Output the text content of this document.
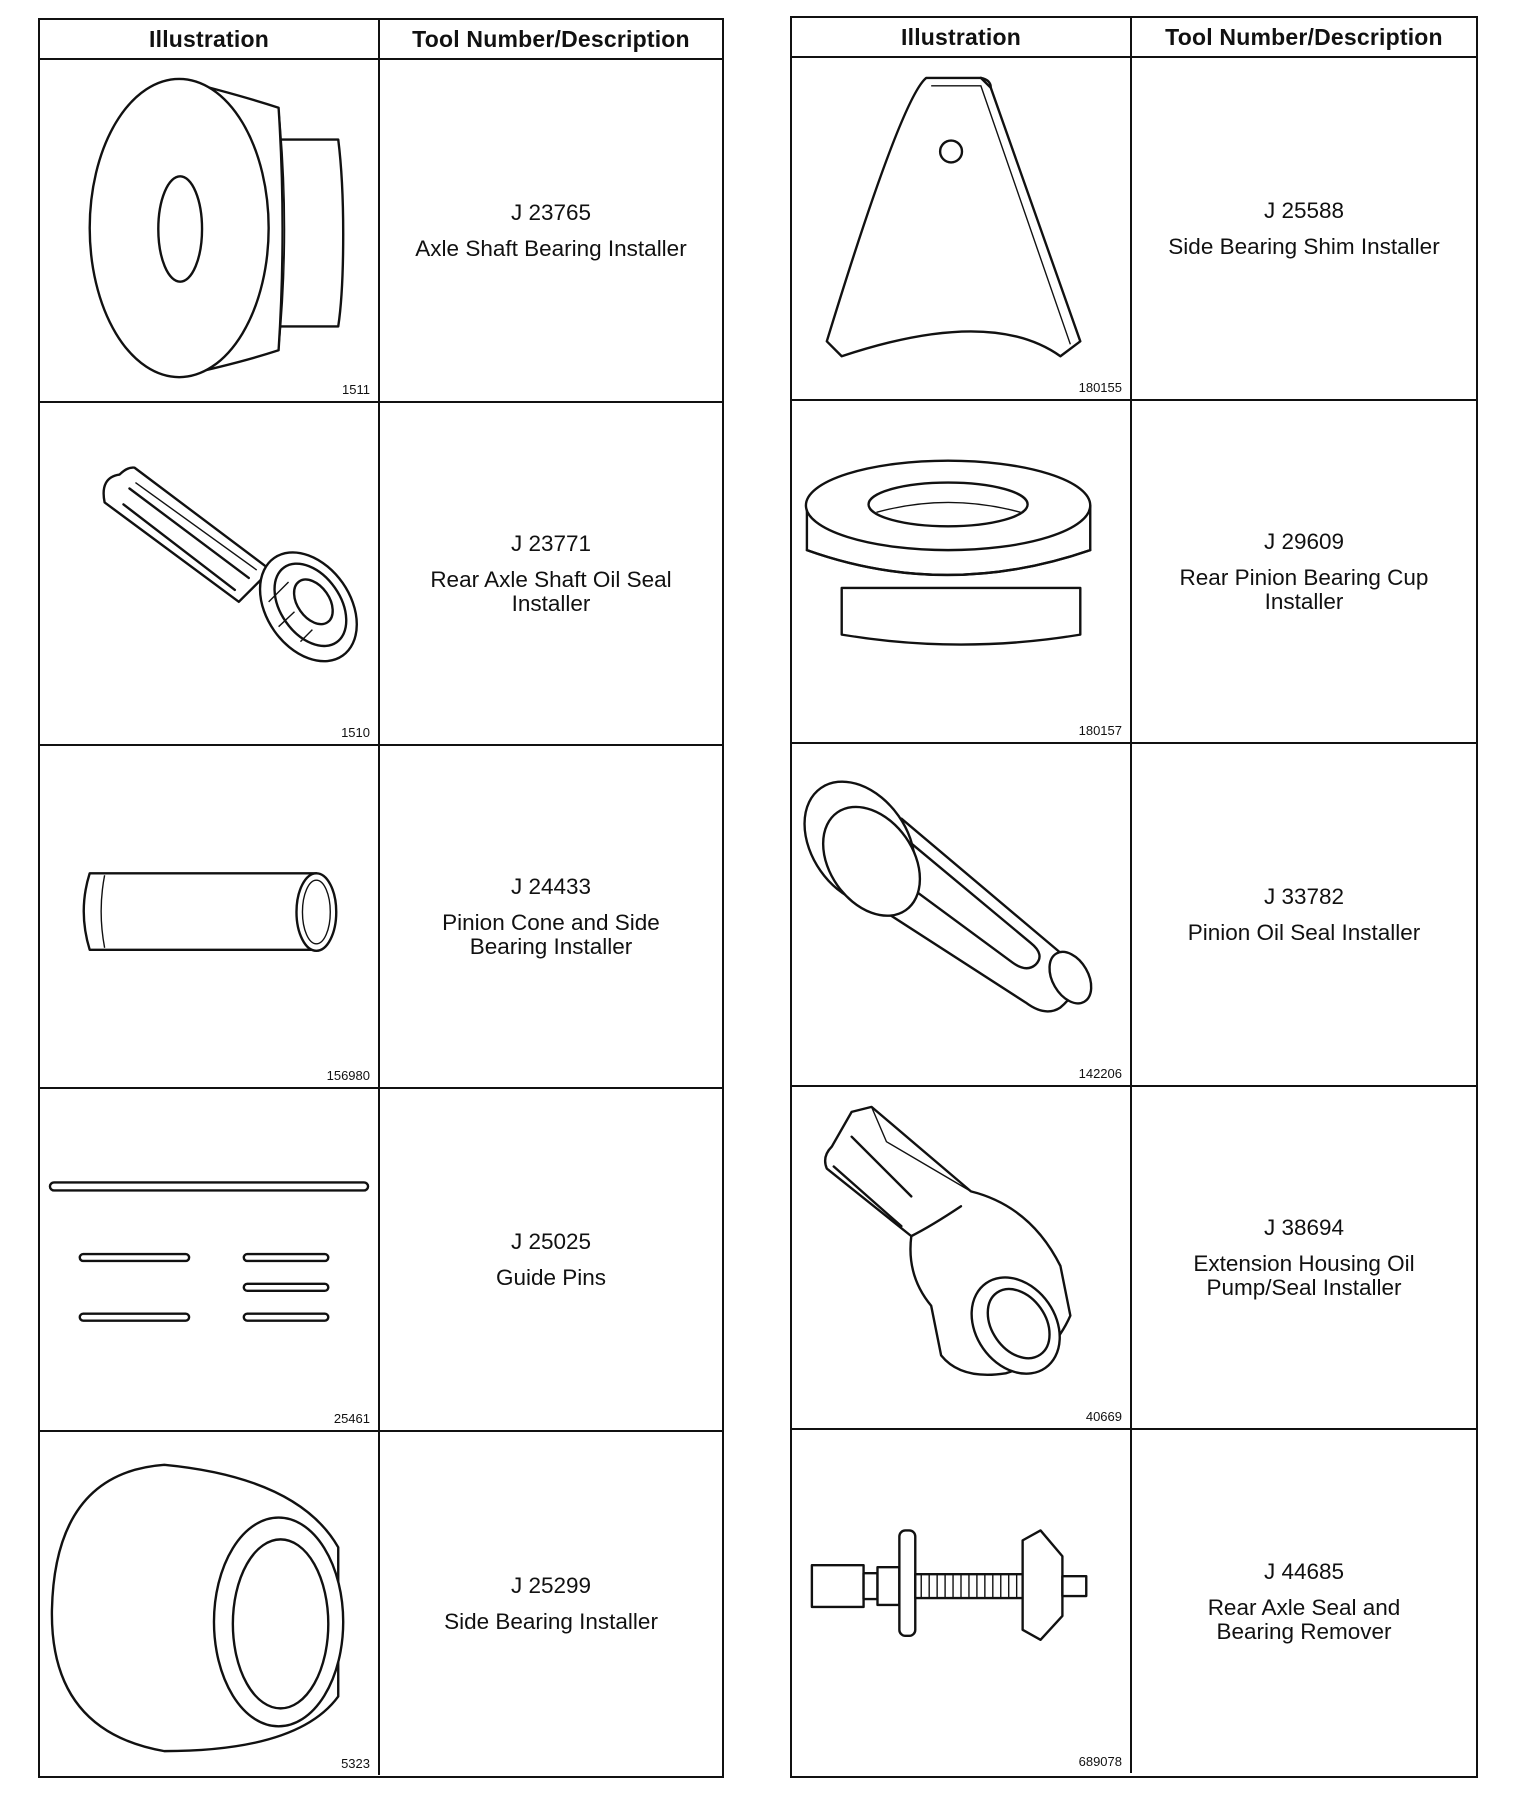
Illustration	Tool Number/Description
1511
J 23765
Axle Shaft Bearing Installer
1510
J 23771
Rear Axle Shaft Oil Seal
Installer
156980
J 24433
Pinion Cone and Side
Bearing Installer
25461
J 25025
Guide Pins
5323
J 25299
Side Bearing Installer
Illustration	Tool Number/Description
180155
J 25588
Side Bearing Shim Installer
180157
J 29609
Rear Pinion Bearing Cup
Installer
142206
J 33782
Pinion Oil Seal Installer
40669
J 38694
Extension Housing Oil
Pump/Seal Installer
689078
J 44685
Rear Axle Seal and
Bearing Remover
